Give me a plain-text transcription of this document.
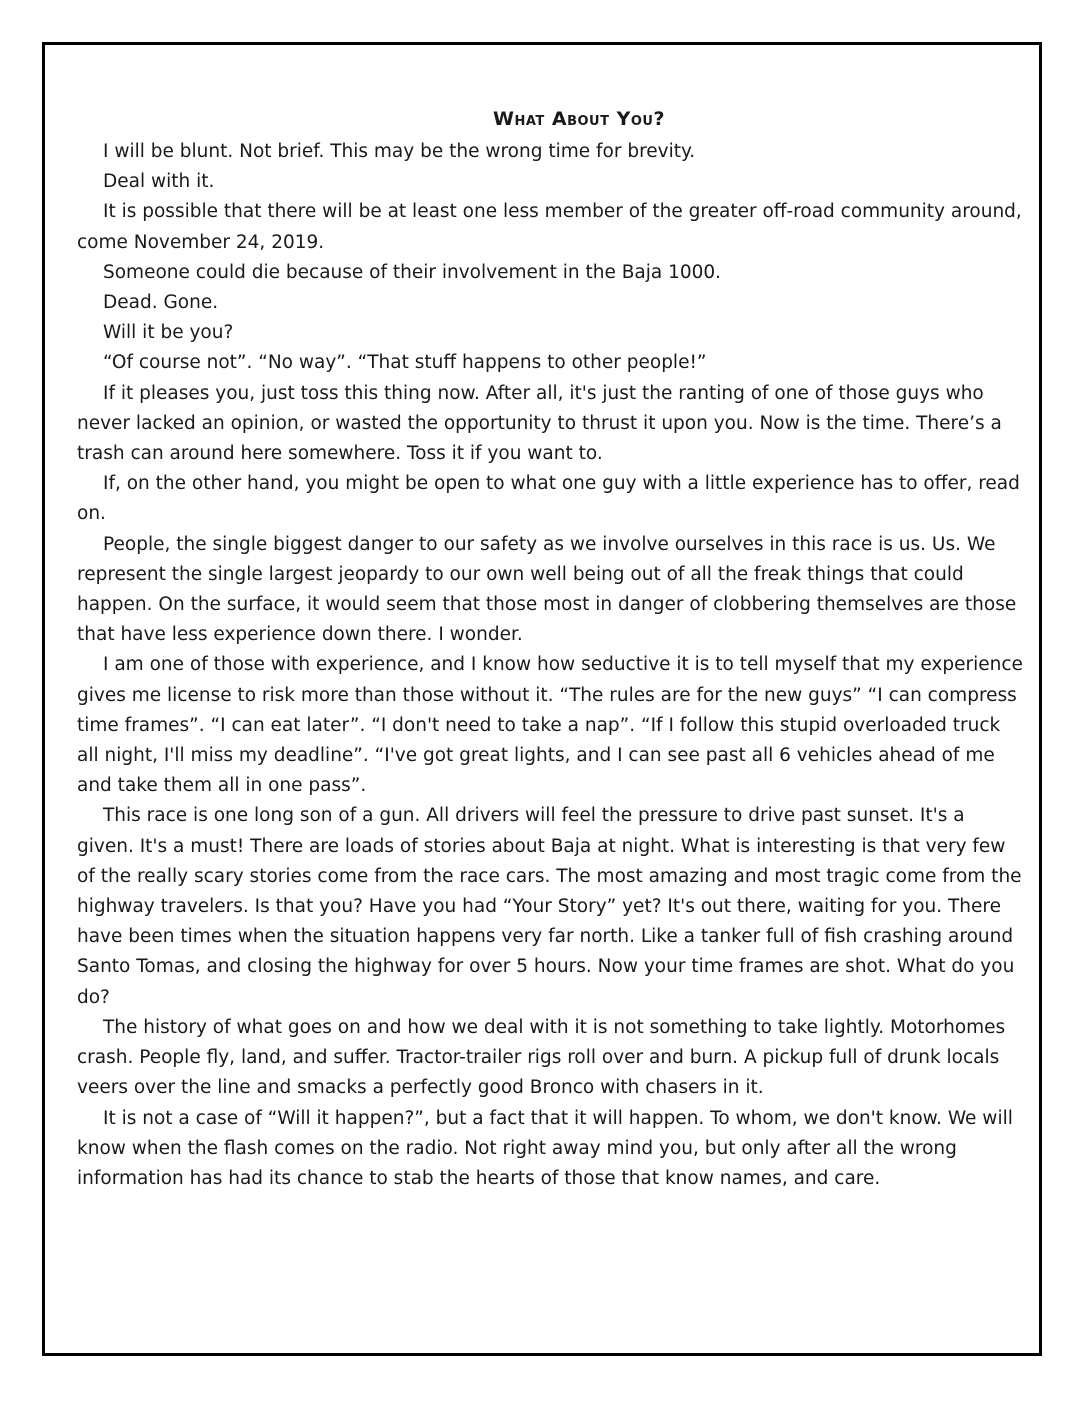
What About You?

I will be blunt. Not brief. This may be the wrong time for brevity.

Deal with it.

It is possible that there will be at least one less member of the greater off-road community around, come November 24, 2019.

Someone could die because of their involvement in the Baja 1000.

Dead. Gone.

Will it be you?

“Of course not”. “No way”. “That stuff happens to other people!”

If it pleases you, just toss this thing now. After all, it's just the ranting of one of those guys who never lacked an opinion, or wasted the opportunity to thrust it upon you. Now is the time. There’s a trash can around here somewhere. Toss it if you want to.

If, on the other hand, you might be open to what one guy with a little experience has to offer, read on.

People, the single biggest danger to our safety as we involve ourselves in this race is us. Us. We represent the single largest jeopardy to our own well being out of all the freak things that could happen. On the surface, it would seem that those most in danger of clobbering themselves are those that have less experience down there. I wonder.

I am one of those with experience, and I know how seductive it is to tell myself that my experience gives me license to risk more than those without it. “The rules are for the new guys” “I can compress time frames”. “I can eat later”. “I don't need to take a nap”. “If I follow this stupid overloaded truck all night, I'll miss my deadline”. “I've got great lights, and I can see past all 6 vehicles ahead of me and take them all in one pass”.

This race is one long son of a gun. All drivers will feel the pressure to drive past sunset. It's a given. It's a must! There are loads of stories about Baja at night. What is interesting is that very few of the really scary stories come from the race cars. The most amazing and most tragic come from the highway travelers. Is that you? Have you had “Your Story” yet? It's out there, waiting for you. There have been times when the situation happens very far north. Like a tanker full of fish crashing around Santo Tomas, and closing the highway for over 5 hours. Now your time frames are shot. What do you do?

The history of what goes on and how we deal with it is not something to take lightly. Motorhomes crash. People fly, land, and suffer. Tractor-trailer rigs roll over and burn. A pickup full of drunk locals veers over the line and smacks a perfectly good Bronco with chasers in it.

It is not a case of “Will it happen?”, but a fact that it will happen. To whom, we don't know. We will know when the flash comes on the radio. Not right away mind you, but only after all the wrong information has had its chance to stab the hearts of those that know names, and care.
